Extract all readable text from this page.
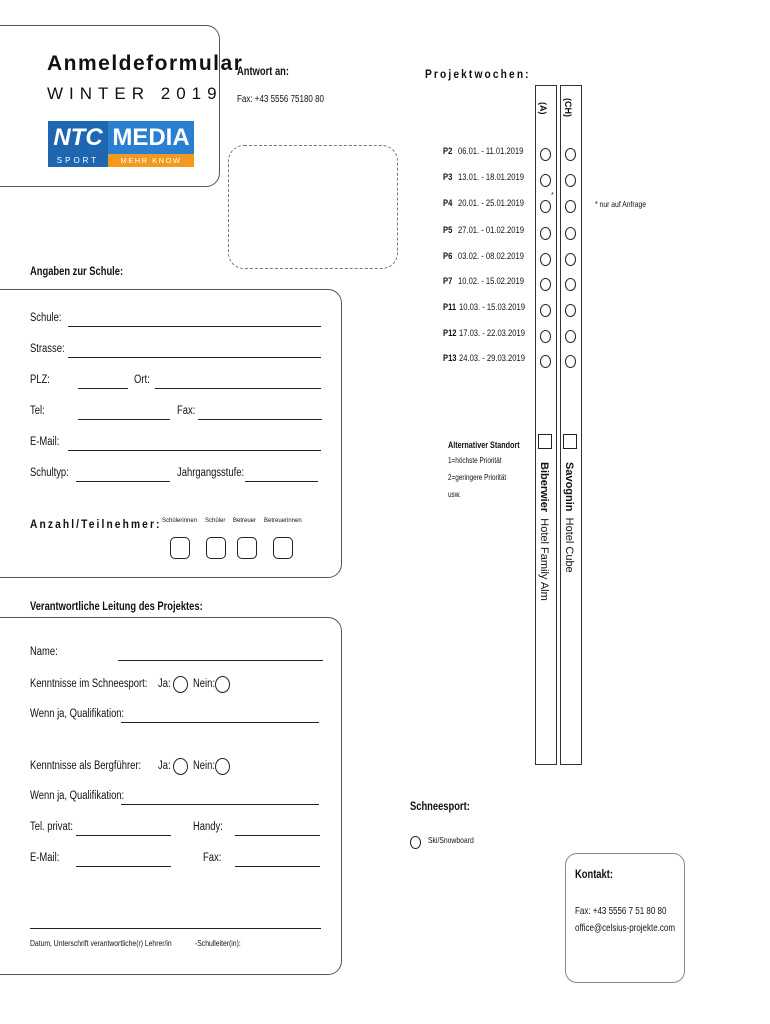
Anmeldeformular
WINTER 2019
NTC MEDIA
SPORT	MEHR KNOW HOW
Antwort an:
Fax: +43 5556 75180 80
Angaben zur Schule:
Schule:
Strasse:
PLZ:	Ort:
Tel:	Fax:
E-Mail:
Schultyp:	Jahrgangsstufe:
Anzahl/Teilnehmer: Schülerinnen Schüler Betreuer Betreuerinnen
Verantwortliche Leitung des Projektes:
Name:
Kenntnisse im Schneesport: Ja: Nein:
Wenn ja, Qualifikation:
Kenntnisse als Bergführer: Ja: Nein:
Wenn ja, Qualifikation:
Tel. privat:	Handy:
E-Mail:	Fax:
Datum, Unterschrift verantwortliche(r) Lehrer/in	-Schulleiter(in):
Projektwochen:
(A) (CH)
P2 06.01. - 11.01.2019
P3 13.01. - 18.01.2019
P4 20.01. - 25.01.2019
P5 27.01. - 01.02.2019
P6 03.02. - 08.02.2019
P7 10.02. - 15.02.2019
P11 10.03. - 15.03.2019
P12 17.03. - 22.03.2019
P13 24.03. - 29.03.2019
*
* nur auf Anfrage
Alternativer Standort
1=höchste Priorität
2=geringere Priorität
usw.	Biberwier  Hotel Family Alm
Savognin  Hotel Cube
Schneesport:
Ski/Snowboard
Kontakt:
Fax: +43 5556 7 51 80 80
office@celsius-projekte.com
